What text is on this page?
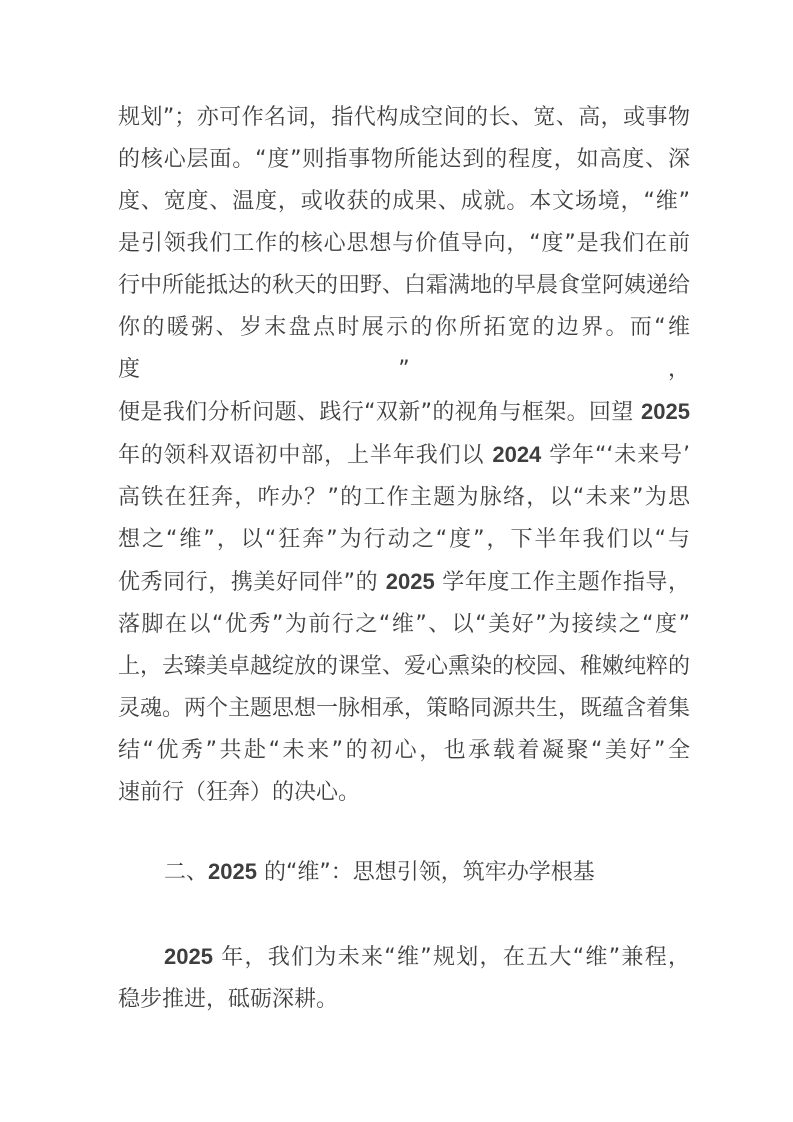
规划”；亦可作名词，指代构成空间的长、宽、高，或事物
的核心层面。“度”则指事物所能达到的程度，如高度、深
度、宽度、温度，或收获的成果、成就。本文场境，“维”
是引领我们工作的核心思想与价值导向，“度”是我们在前
行中所能抵达的秋天的田野、白霜满地的早晨食堂阿姨递给
你的暖粥、岁末盘点时展示的你所拓宽的边界。而“维度”，
便是我们分析问题、践行“双新”的视角与框架。回望 2025
年的领科双语初中部，上半年我们以 2024 学年“‘未来号’
高铁在狂奔，咋办？”的工作主题为脉络，以“未来”为思
想之“维”，以“狂奔”为行动之“度”，下半年我们以“与
优秀同行，携美好同伴”的 2025 学年度工作主题作指导，
落脚在以“优秀”为前行之“维”、以“美好”为接续之“度”
上，去臻美卓越绽放的课堂、爱心熏染的校园、稚嫩纯粹的
灵魂。两个主题思想一脉相承，策略同源共生，既蕴含着集
结“优秀”共赴“未来”的初心，也承载着凝聚“美好”全
速前行（狂奔）的决心。
二、2025 的“维”：思想引领，筑牢办学根基
2025 年，我们为未来“维”规划，在五大“维”兼程，
稳步推进，砥砺深耕。
